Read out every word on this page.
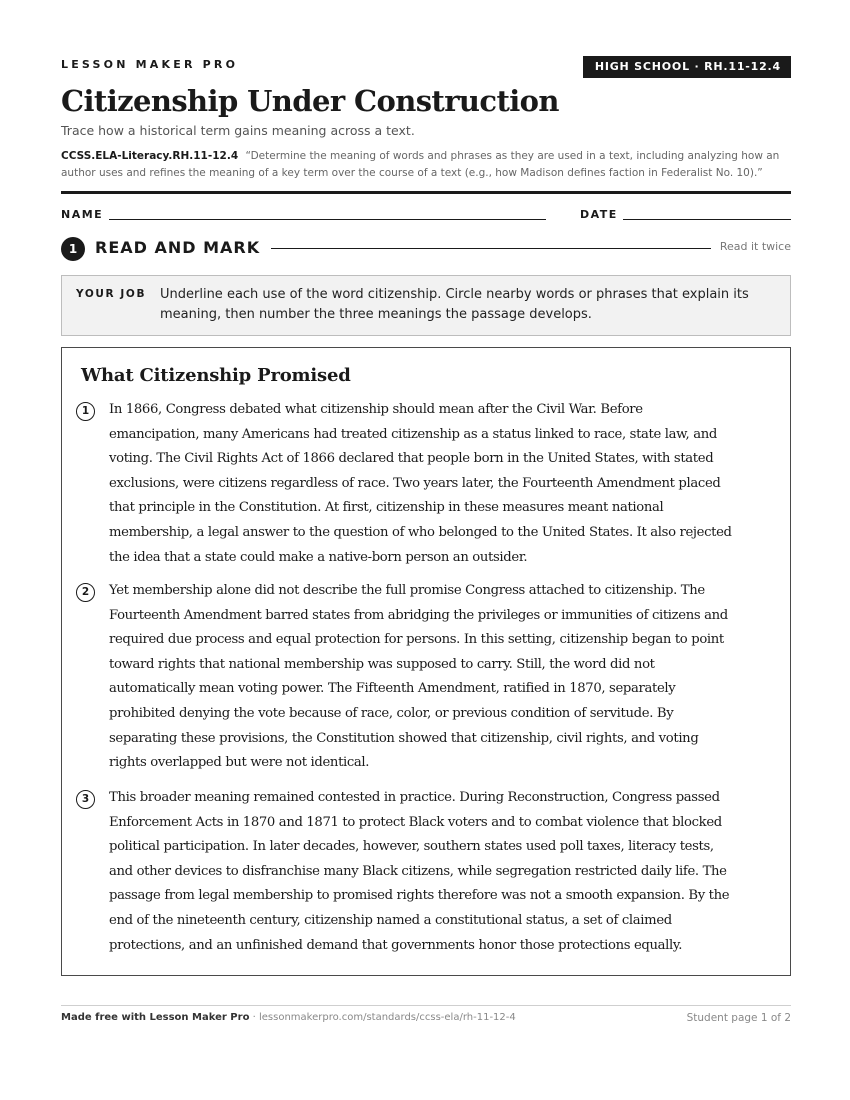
LESSON MAKER PRO	HIGH SCHOOL · RH.11-12.4
Citizenship Under Construction
Trace how a historical term gains meaning across a text.
CCSS.ELA-Literacy.RH.11-12.4 “Determine the meaning of words and phrases as they are used in a text, including analyzing how an author uses and refines the meaning of a key term over the course of a text (e.g., how Madison defines faction in Federalist No. 10).”
NAME	DATE
1	READ AND MARK	Read it twice
YOUR JOB Underline each use of the word citizenship. Circle nearby words or phrases that explain its meaning, then number the three meanings the passage develops.
What Citizenship Promised
1	In 1866, Congress debated what citizenship should mean after the Civil War. Before
emancipation, many Americans had treated citizenship as a status linked to race, state law, and
voting. The Civil Rights Act of 1866 declared that people born in the United States, with stated
exclusions, were citizens regardless of race. Two years later, the Fourteenth Amendment placed
that principle in the Constitution. At first, citizenship in these measures meant national
membership, a legal answer to the question of who belonged to the United States. It also rejected
the idea that a state could make a native-born person an outsider.
2	Yet membership alone did not describe the full promise Congress attached to citizenship. The
Fourteenth Amendment barred states from abridging the privileges or immunities of citizens and
required due process and equal protection for persons. In this setting, citizenship began to point
toward rights that national membership was supposed to carry. Still, the word did not
automatically mean voting power. The Fifteenth Amendment, ratified in 1870, separately
prohibited denying the vote because of race, color, or previous condition of servitude. By
separating these provisions, the Constitution showed that citizenship, civil rights, and voting
rights overlapped but were not identical.
3	This broader meaning remained contested in practice. During Reconstruction, Congress passed
Enforcement Acts in 1870 and 1871 to protect Black voters and to combat violence that blocked
political participation. In later decades, however, southern states used poll taxes, literacy tests,
and other devices to disfranchise many Black citizens, while segregation restricted daily life. The
passage from legal membership to promised rights therefore was not a smooth expansion. By the
end of the nineteenth century, citizenship named a constitutional status, a set of claimed
protections, and an unfinished demand that governments honor those protections equally.
Made free with Lesson Maker Pro · lessonmakerpro.com/standards/ccss-ela/rh-11-12-4	Student page 1 of 2
